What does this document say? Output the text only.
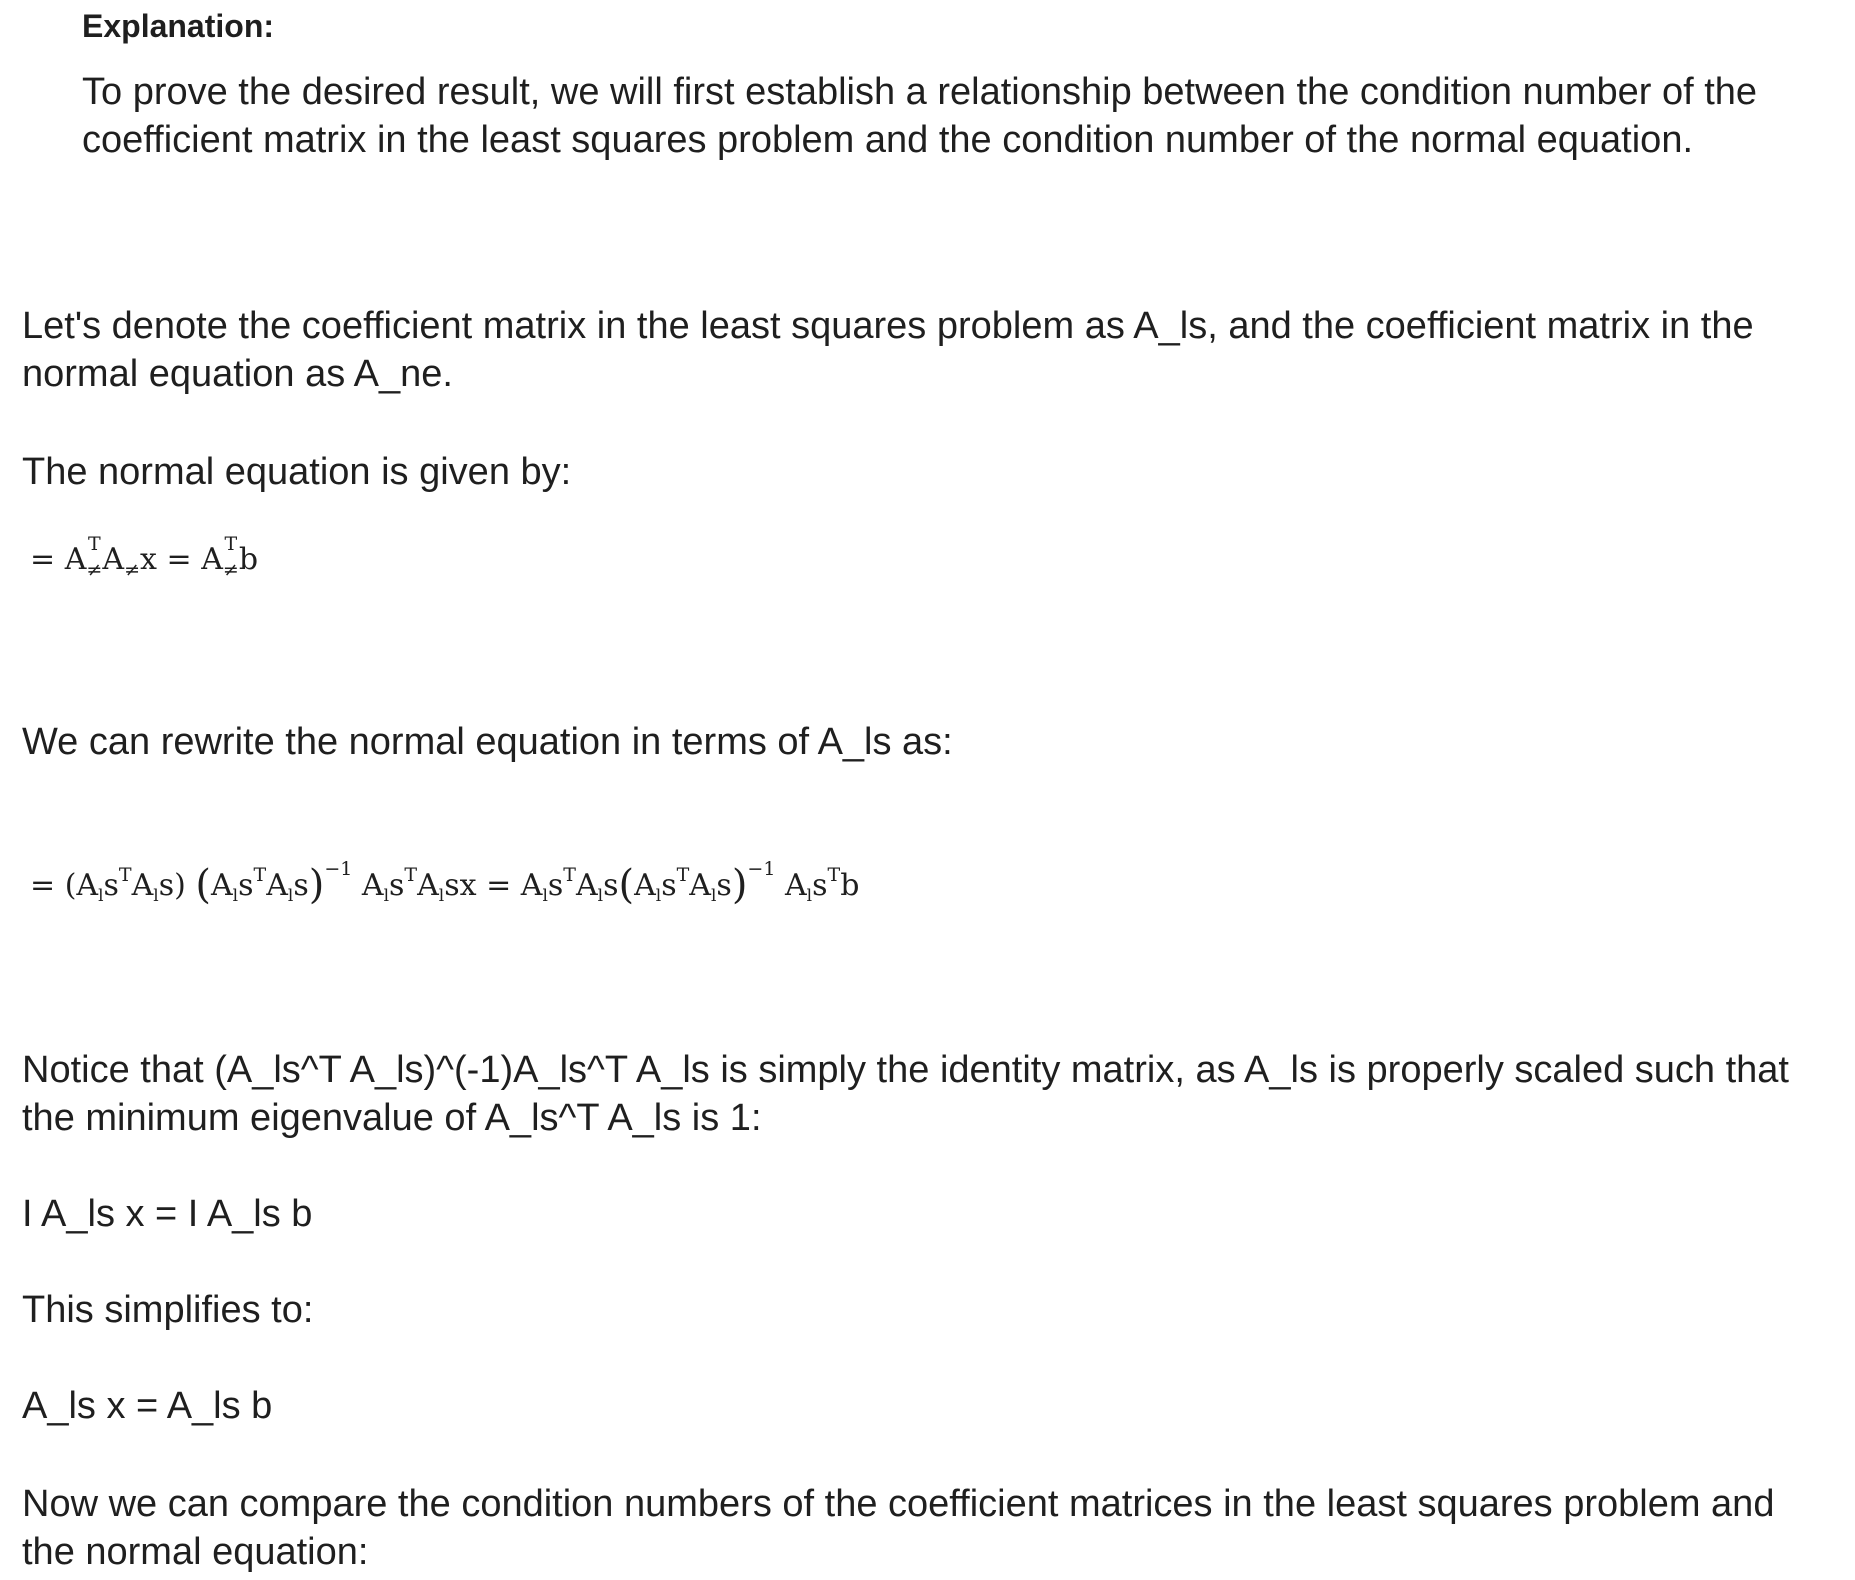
Explanation:

To prove the desired result, we will first establish a relationship between the condition number of the coefficient matrix in the least squares problem and the condition number of the normal equation.

Let's denote the coefficient matrix in the least squares problem as A_ls, and the coefficient matrix in the normal equation as A_ne.

The normal equation is given by:

= A T
≠ A ≠ x = A T
≠ b

We can rewrite the normal equation in terms of A_ls as:

= $(A_ls^TA_ls)$ $(A_ls^TA_ls)^{-1}$ $A_ls^TA_lsx = A_ls^TA_ls(A_ls^TA_ls)^{-1}$ $A_ls^Tb$

Notice that (A_ls^T A_ls)^(-1)A_ls^T A_ls is simply the identity matrix, as A_ls is properly scaled such that the minimum eigenvalue of A_ls^T A_ls is 1:

I A_ls x = I A_ls b

This simplifies to:

A_ls x = A_ls b

Now we can compare the condition numbers of the coefficient matrices in the least squares problem and the normal equation:
